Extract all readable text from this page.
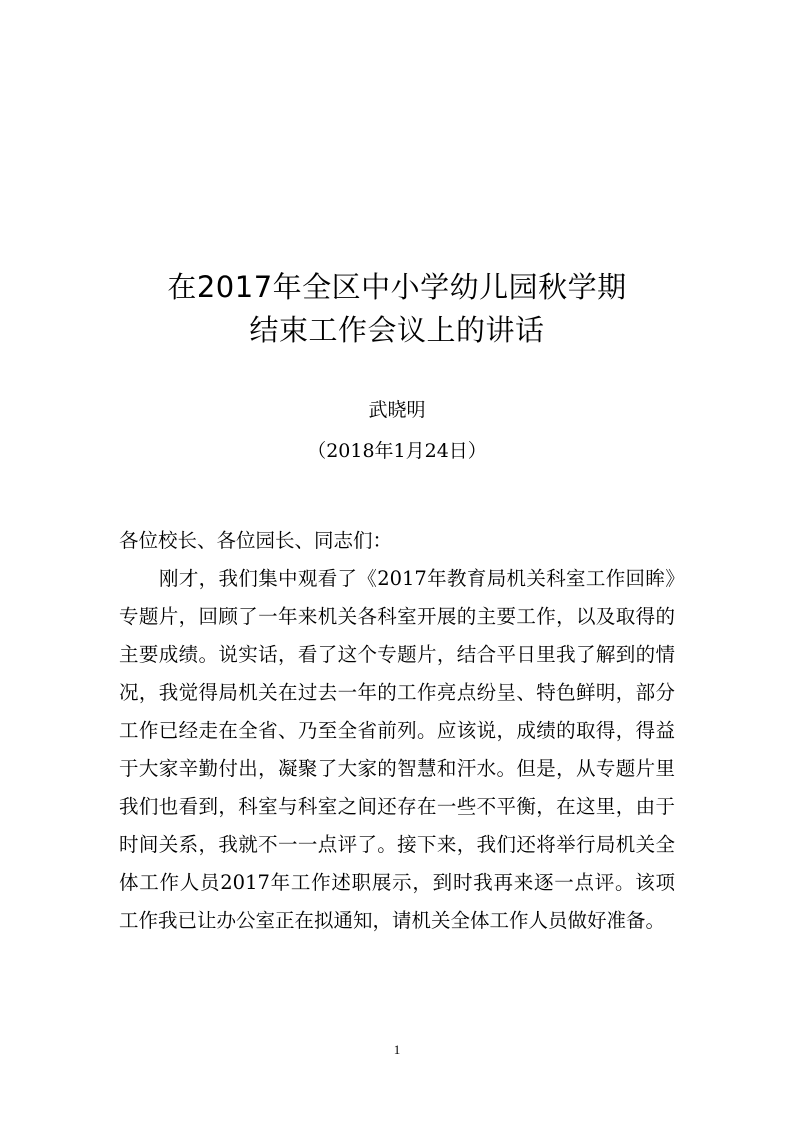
在2017年全区中小学幼儿园秋学期
结束工作会议上的讲话
武晓明
（2018年1月24日）
各位校长、各位园长、同志们：
刚才，我们集中观看了《2017年教育局机关科室工作回眸》专题片，回顾了一年来机关各科室开展的主要工作，以及取得的主要成绩。说实话，看了这个专题片，结合平日里我了解到的情况，我觉得局机关在过去一年的工作亮点纷呈、特色鲜明，部分工作已经走在全省、乃至全省前列。应该说，成绩的取得，得益于大家辛勤付出，凝聚了大家的智慧和汗水。但是，从专题片里我们也看到，科室与科室之间还存在一些不平衡，在这里，由于时间关系，我就不一一点评了。接下来，我们还将举行局机关全体工作人员2017年工作述职展示，到时我再来逐一点评。该项工作我已让办公室正在拟通知，请机关全体工作人员做好准备。
1
